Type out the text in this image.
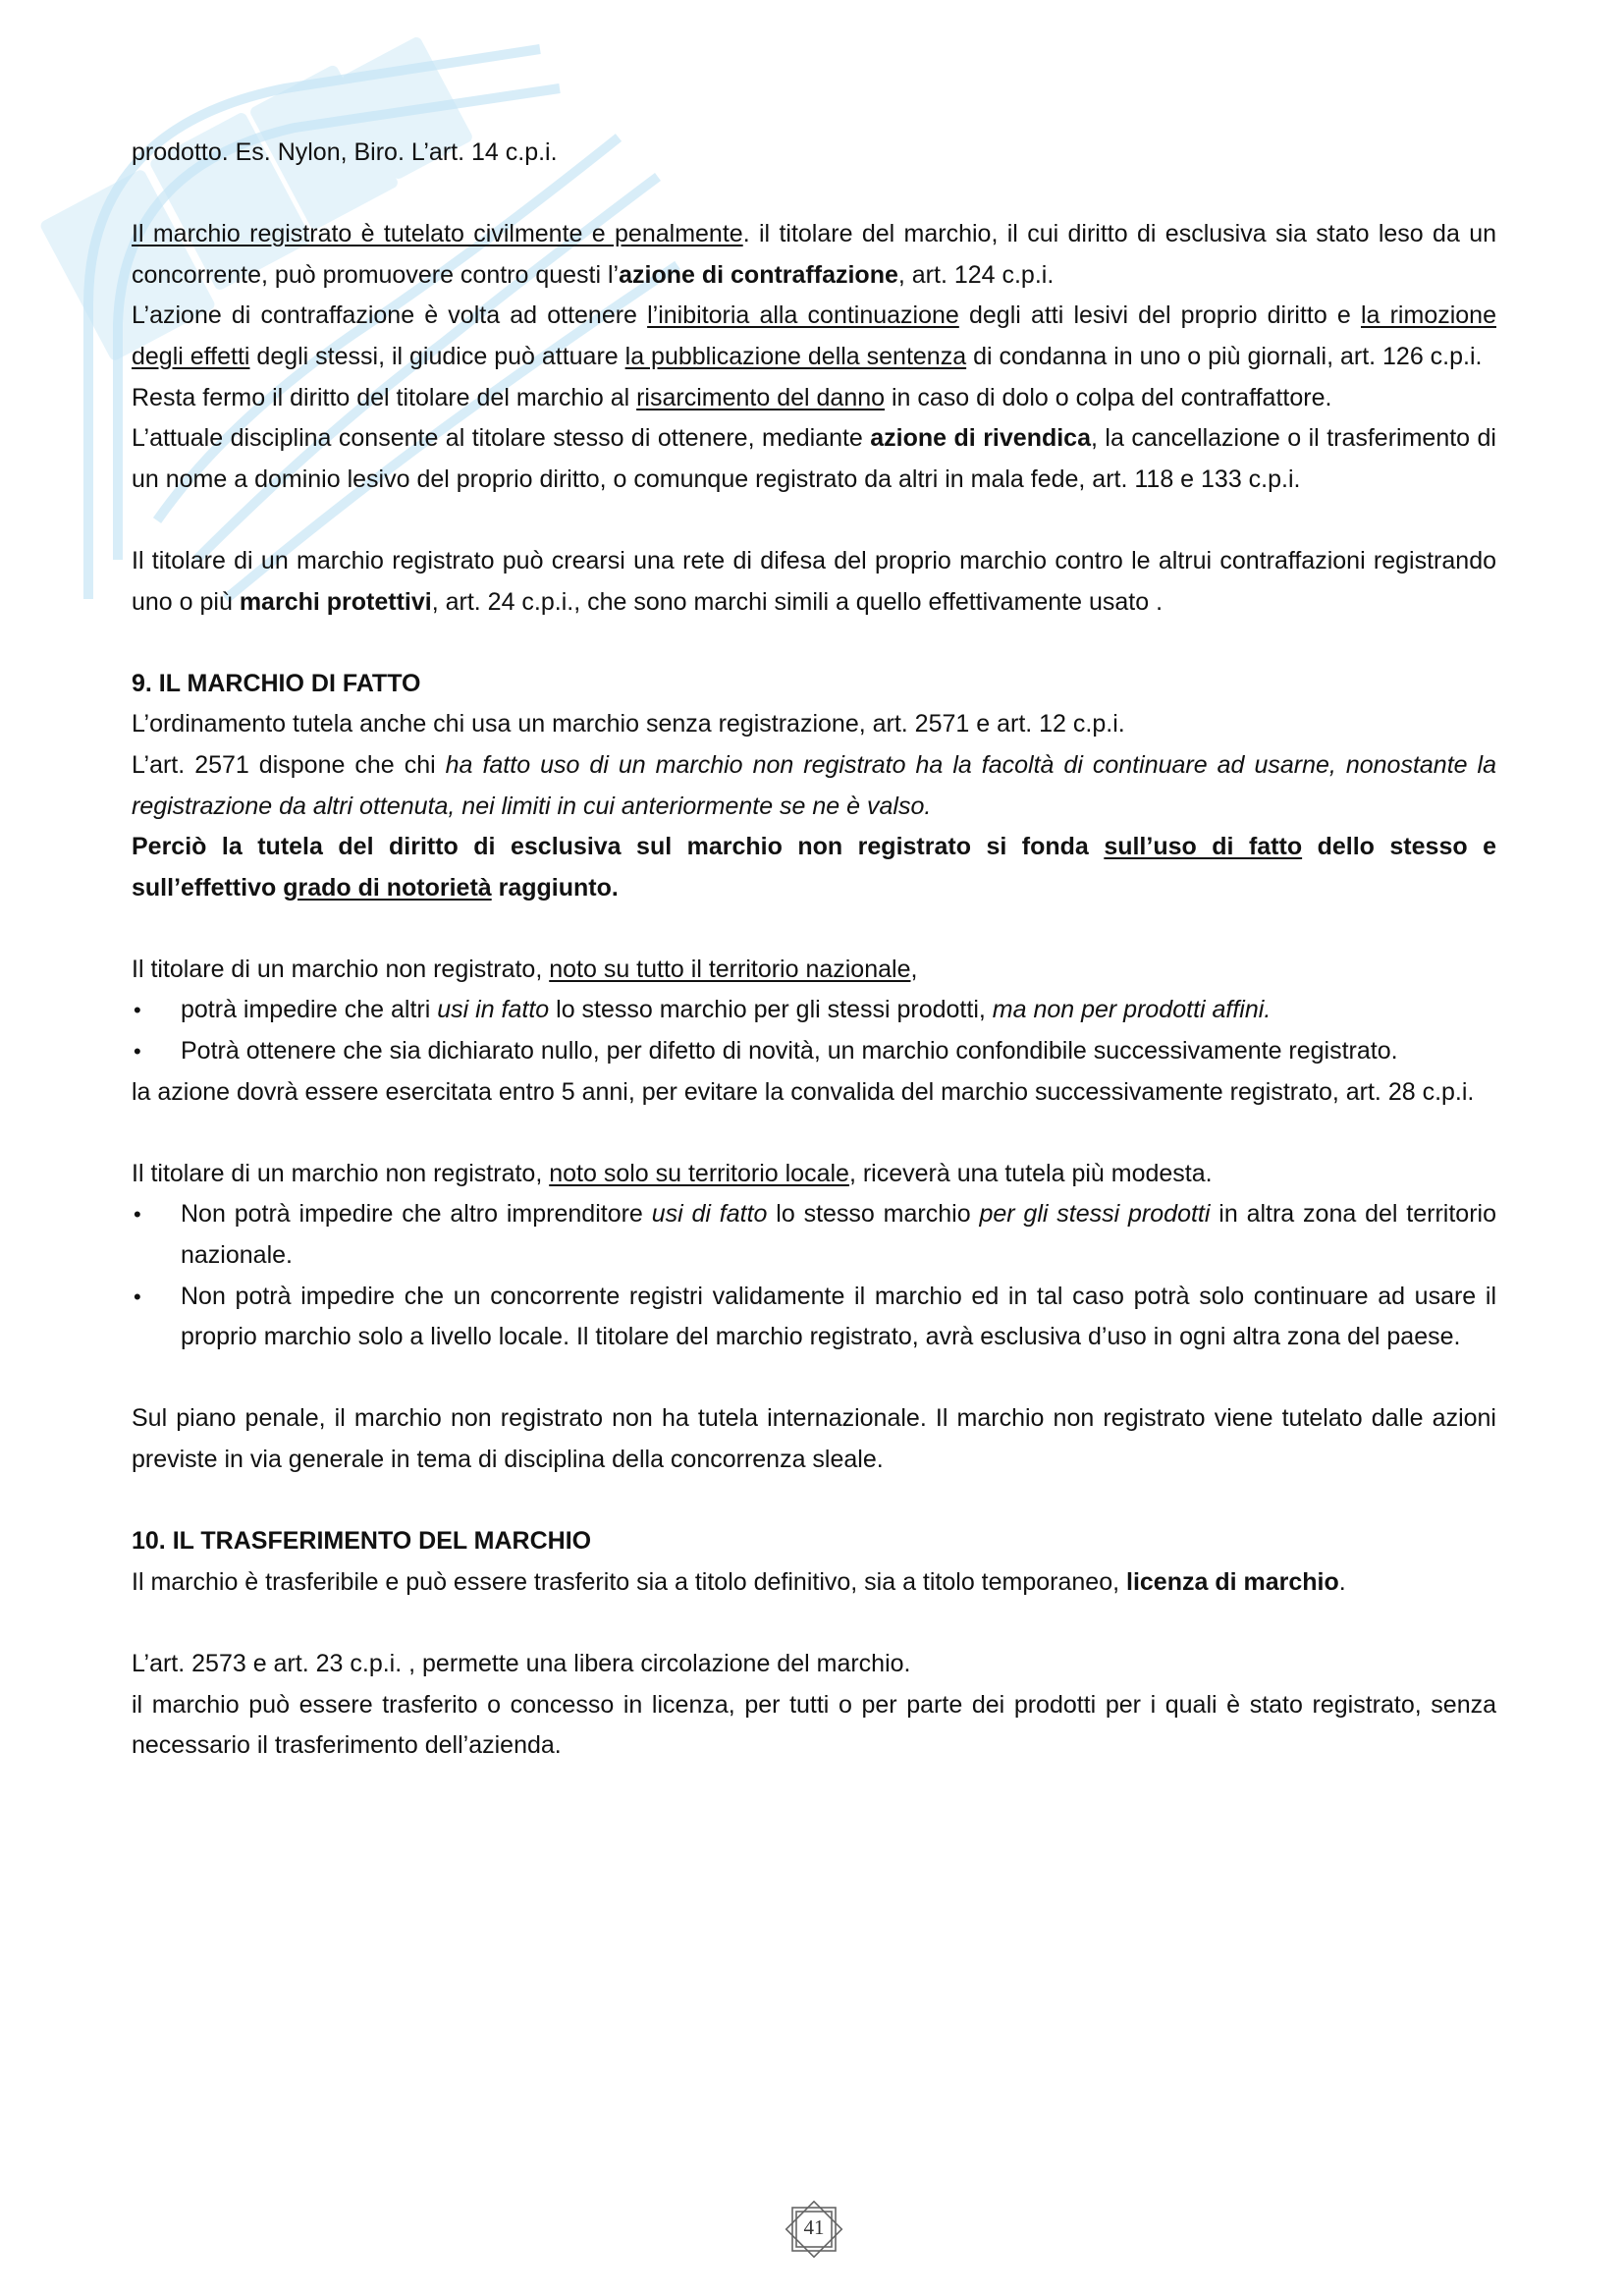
prodotto. Es. Nylon, Biro. L’art. 14 c.p.i.

Il marchio registrato è tutelato civilmente e penalmente. il titolare del marchio, il cui diritto di esclusiva sia stato leso da un concorrente, può promuovere contro questi l’azione di contraffazione, art. 124 c.p.i.

L’azione di contraffazione è volta ad ottenere l’inibitoria alla continuazione degli atti lesivi del proprio diritto e la rimozione degli effetti degli stessi, il giudice può attuare la pubblicazione della sentenza di condanna in uno o più giornali, art. 126 c.p.i.

Resta fermo il diritto del titolare del marchio al risarcimento del danno in caso di dolo o colpa del contraffattore.

L’attuale disciplina consente al titolare stesso di ottenere, mediante azione di rivendica, la cancellazione o il trasferimento di un nome a dominio lesivo del proprio diritto, o comunque registrato da altri in mala fede, art. 118 e 133 c.p.i.

Il titolare di un marchio registrato può crearsi una rete di difesa del proprio marchio contro le altrui contraffazioni registrando uno o più marchi protettivi, art. 24 c.p.i., che sono marchi simili a quello effettivamente usato .

9. IL MARCHIO DI FATTO

L’ordinamento tutela anche chi usa un marchio senza registrazione, art. 2571 e art. 12 c.p.i.

L’art. 2571 dispone che chi ha fatto uso di un marchio non registrato ha la facoltà di continuare ad usarne, nonostante la registrazione da altri ottenuta, nei limiti in cui anteriormente se ne è valso.

Perciò la tutela del diritto di esclusiva sul marchio non registrato si fonda sull’uso di fatto dello stesso e sull’effettivo grado di notorietà raggiunto.

Il titolare di un marchio non registrato, noto su tutto il territorio nazionale,

• potrà impedire che altri usi in fatto lo stesso marchio per gli stessi prodotti, ma non per prodotti affini.
• Potrà ottenere che sia dichiarato nullo, per difetto di novità, un marchio confondibile successivamente registrato.

la azione dovrà essere esercitata entro 5 anni, per evitare la convalida del marchio successivamente registrato, art. 28 c.p.i.

Il titolare di un marchio non registrato, noto solo su territorio locale, riceverà una tutela più modesta.

• Non potrà impedire che altro imprenditore usi di fatto lo stesso marchio per gli stessi prodotti in altra zona del territorio nazionale.
• Non potrà impedire che un concorrente registri validamente il marchio ed in tal caso potrà solo continuare ad usare il proprio marchio solo a livello locale. Il titolare del marchio registrato, avrà esclusiva d’uso in ogni altra zona del paese.

Sul piano penale, il marchio non registrato non ha tutela internazionale. Il marchio non registrato viene tutelato dalle azioni previste in via generale in tema di disciplina della concorrenza sleale.

10. IL TRASFERIMENTO DEL MARCHIO

Il marchio è trasferibile e può essere trasferito sia a titolo definitivo, sia a titolo temporaneo, licenza di marchio.

L’art. 2573 e art. 23 c.p.i. , permette una libera circolazione del marchio.

il marchio può essere trasferito o concesso in licenza, per tutti o per parte dei prodotti per i quali è stato registrato, senza necessario il trasferimento dell’azienda.

41
